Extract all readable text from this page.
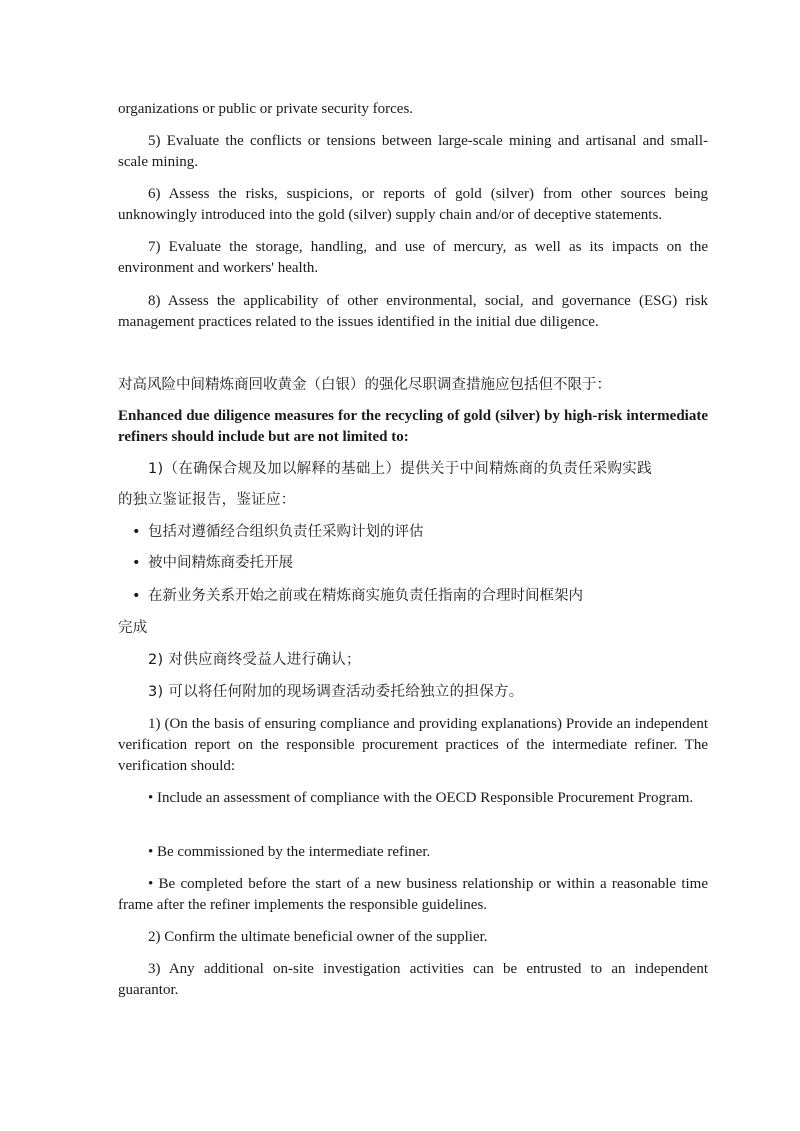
organizations or public or private security forces.

5) Evaluate the conflicts or tensions between large-scale mining and artisanal and small-scale mining.

6) Assess the risks, suspicions, or reports of gold (silver) from other sources being unknowingly introduced into the gold (silver) supply chain and/or of deceptive statements.

7) Evaluate the storage, handling, and use of mercury, as well as its impacts on the environment and workers' health.

8) Assess the applicability of other environmental, social, and governance (ESG) risk management practices related to the issues identified in the initial due diligence.

对高风险中间精炼商回收黄金（白银）的强化尽职调查措施应包括但不限于：

Enhanced due diligence measures for the recycling of gold (silver) by high-risk intermediate refiners should include but are not limited to:

1)（在确保合规及加以解释的基础上）提供关于中间精炼商的负责任采购实践

的独立鉴证报告，鉴证应：

• 包括对遵循经合组织负责任采购计划的评估
• 被中间精炼商委托开展
• 在新业务关系开始之前或在精炼商实施负责任指南的合理时间框架内

完成

2) 对供应商终受益人进行确认；

3) 可以将任何附加的现场调查活动委托给独立的担保方。

1) (On the basis of ensuring compliance and providing explanations) Provide an independent verification report on the responsible procurement practices of the intermediate refiner. The verification should:

• Include an assessment of compliance with the OECD Responsible Procurement Program.

• Be commissioned by the intermediate refiner.

• Be completed before the start of a new business relationship or within a reasonable time frame after the refiner implements the responsible guidelines.

2) Confirm the ultimate beneficial owner of the supplier.

3) Any additional on-site investigation activities can be entrusted to an independent guarantor.
